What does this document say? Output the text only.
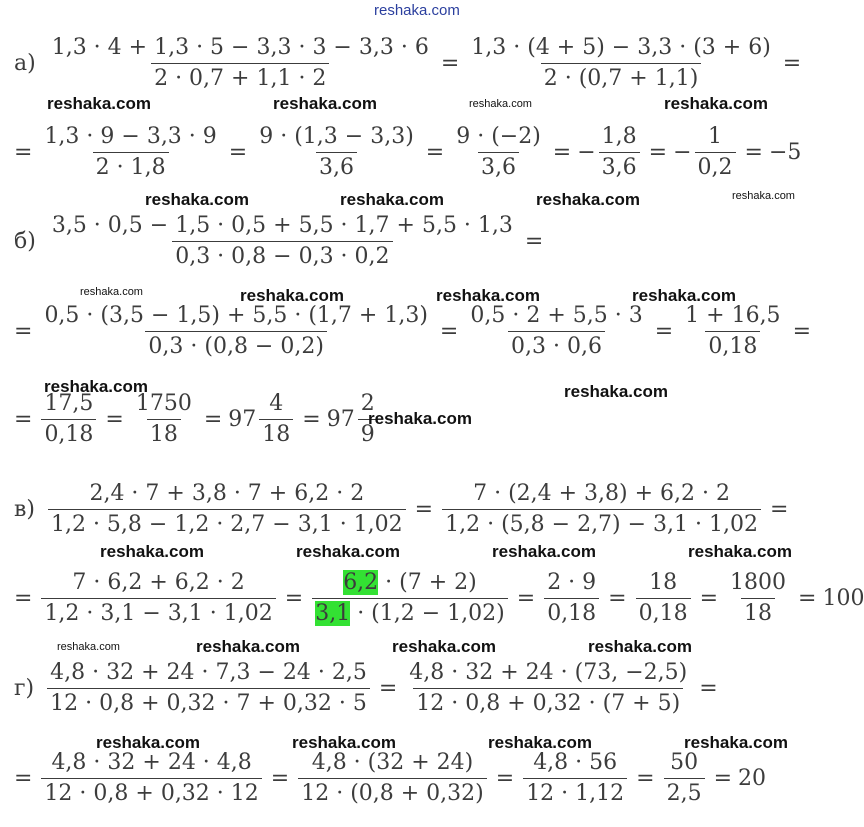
reshaka.com
$а) \frac{1,3 \cdot 4 + 1,3 \cdot 5 - 3,3 \cdot 3 - 3,3 \cdot 6}{2 \cdot 0,7 + 1,1 \cdot 2} = \frac{1,3 \cdot (4 + 5) - 3,3 \cdot (3 + 6)}{2 \cdot (0,7 + 1,1)}$ =
= $\frac{1,3 \cdot 9 - 3,3 \cdot 9}{2 \cdot 1,8} = \frac{9 \cdot (1,3 - 3,3)}{3,6} = \frac{9 \cdot (-2)}{3,6}$ = − $\frac{1,8}{3,6}$ = − $\frac{1}{0,2} = -5$
$б) \frac{3,5 \cdot 0,5 - 1,5 \cdot 0,5 + 5,5 \cdot 1,7 + 5,5 \cdot 1,3}{0,3 \cdot 0,8 - 0,3 \cdot 0,2}$ =
= $\frac{0,5 \cdot (3,5 - 1,5) + 5,5 \cdot (1,7 + 1,3)}{0,3 \cdot (0,8 - 0,2)} = \frac{0,5 \cdot 2 + 5,5 \cdot 3}{0,3 \cdot 0,6} = \frac{1 + 16,5}{0,18}$ =
= $\frac{17,5}{0,18} = \frac{1750}{18} = 97 \frac{4}{18} = 97 \frac{2}{9}$
$в) \frac{2,4 \cdot 7 + 3,8 \cdot 7 + 6,2 \cdot 2}{1,2 \cdot 5,8 - 1,2 \cdot 2,7 - 3,1 \cdot 1,02} = \frac{7 \cdot (2,4 + 3,8) + 6,2 \cdot 2}{1,2 \cdot (5,8 - 2,7) - 3,1 \cdot 1,02}$ =
= $\frac{7 \cdot 6,2 + 6,2 \cdot 2}{1,2 \cdot 3,1 - 3,1 \cdot 1,02} = \frac{6,2 \cdot (7 + 2)}{3,1 \cdot (1,2 - 1,02)} = \frac{2 \cdot 9}{0,18} = \frac{18}{0,18} = \frac{1800}{18} = 100$
$г) \frac{4,8 \cdot 32 + 24 \cdot 7,3 - 24 \cdot 2,5}{12 \cdot 0,8 + 0,32 \cdot 7 + 0,32 \cdot 5} = \frac{4,8 \cdot 32 + 24 \cdot (73, -2,5)}{12 \cdot 0,8 + 0,32 \cdot (7 + 5)}$ =
= $\frac{4,8 \cdot 32 + 24 \cdot 4,8}{12 \cdot 0,8 + 0,32 \cdot 12} = \frac{4,8 \cdot (32 + 24)}{12 \cdot (0,8 + 0,32)} = \frac{4,8 \cdot 56}{12 \cdot 1,12} = \frac{50}{2,5} = 20$
reshaka.com	reshaka.com	reshaka.com	reshaka.com
reshaka.com	reshaka.com	reshaka.com	reshaka.com
reshaka.com	reshaka.com	reshaka.com	reshaka.com
reshaka.com	reshaka.com
reshaka.com
reshaka.com	reshaka.com	reshaka.com	reshaka.com
reshaka.com	reshaka.com	reshaka.com	reshaka.com
reshaka.com	reshaka.com	reshaka.com	reshaka.com
